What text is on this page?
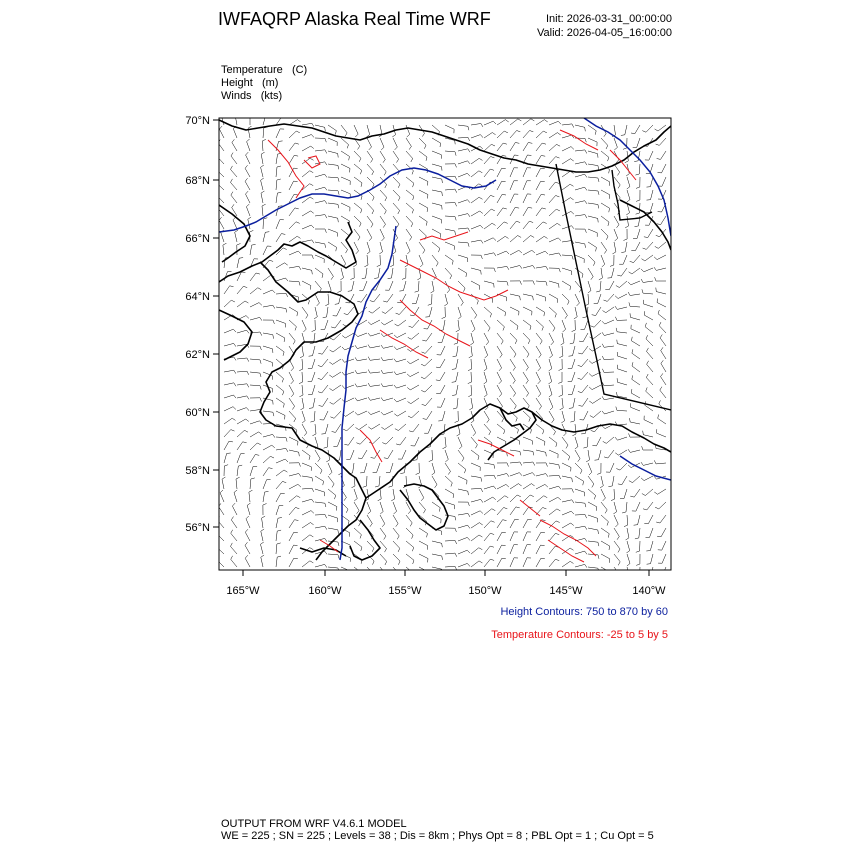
IWFAQRP Alaska Real Time WRF	Init: 2026-03-31_00:00:00
Valid: 2026-04-05_16:00:00
Temperature (C)
Height (m)
Winds (kts)
70°N
68°N
66°N
64°N
62°N
60°N
58°N
56°N
165°W	160°W	155°W	150°W	145°W	140°W
Height Contours: 750 to 870 by 60
Temperature Contours: -25 to 5 by 5
OUTPUT FROM WRF V4.6.1 MODEL
WE = 225 ; SN = 225 ; Levels = 38 ; Dis = 8km ; Phys Opt = 8 ; PBL Opt = 1 ; Cu Opt = 5
